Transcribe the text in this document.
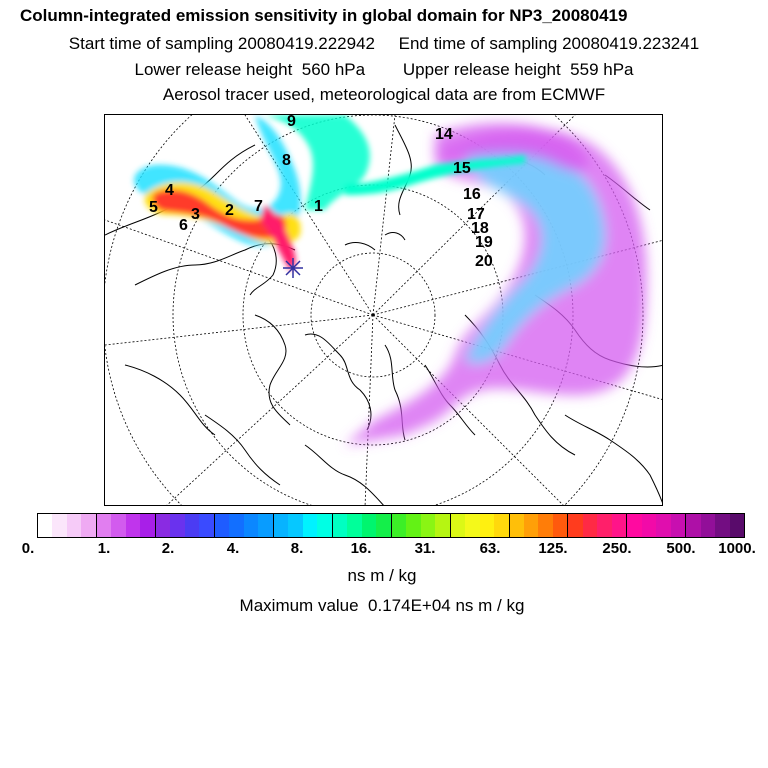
Column-integrated emission sensitivity in global domain for NP3_20080419
Start time of sampling 20080419.222942     End time of sampling 20080419.223241
Lower release height  560 hPa        Upper release height  559 hPa
Aerosol tracer used, meteorological data are from ECMWF
1
2
3
4
5
6
7
8
9
14
15
16
17
18
19
20
0.	1.	2.	4.	8.	16.	31.	63.	125. 250. 500. 1000.
ns m / kg
Maximum value  0.174E+04 ns m / kg
